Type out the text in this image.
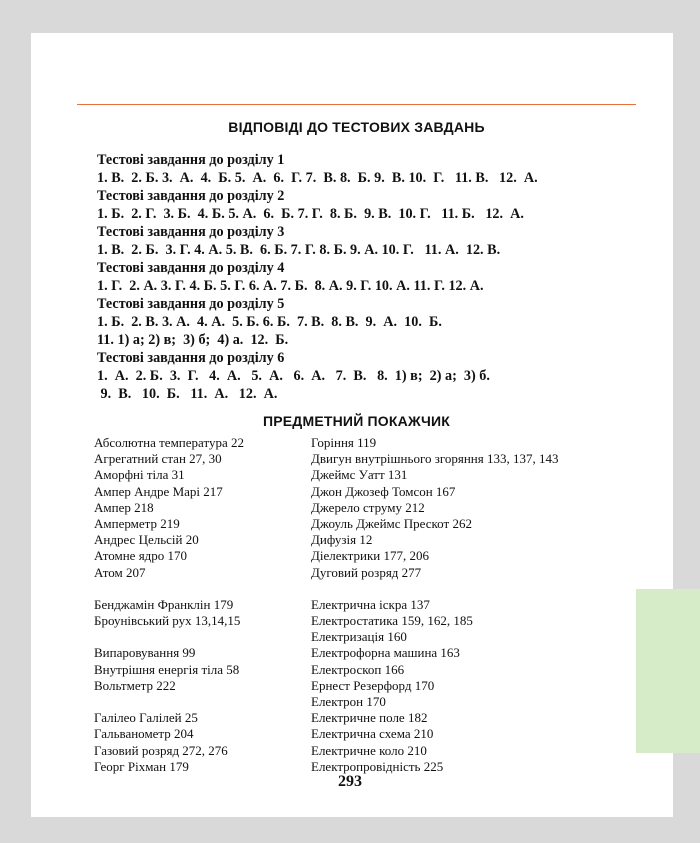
ВІДПОВІДІ ДО ТЕСТОВИХ ЗАВДАНЬ
Тестові завдання до розділу 1
1. В.  2. Б. 3.  А.  4.  Б. 5.  А.  6.  Г. 7.  В. 8.  Б. 9.  В. 10.  Г.   11. В.   12.  А.
Тестові завдання до розділу 2
1. Б.  2. Г.  3. Б.  4. Б. 5. А.  6.  Б. 7. Г.  8. Б.  9. В.  10. Г.   11. Б.   12.  А.
Тестові завдання до розділу 3
1. В.  2. Б.  3. Г. 4. А. 5. В.  6. Б. 7. Г. 8. Б. 9. А. 10. Г.   11. А.  12. В.
Тестові завдання до розділу 4
1. Г.  2. А. 3. Г. 4. Б. 5. Г. 6. А. 7. Б.  8. А. 9. Г. 10. А. 11. Г. 12. А.
Тестові завдання до розділу 5
1. Б.  2. В. 3. А.  4. А.  5. Б. 6. Б.  7. В.  8. В.  9.  А.  10.  Б.
11. 1) а; 2) в;  3) б;  4) а.  12.  Б.
Тестові завдання до розділу 6
1.  А.  2. Б.  3.  Г.   4.  А.   5.  А.   6.  А.   7.  В.   8.  1) в;  2) а;  3) б.
9.  В.   10.  Б.   11.  А.   12.  А.
ПРЕДМЕТНИЙ ПОКАЖЧИК
Абсолютна температура 22
Агрегатний стан 27, 30
Аморфні тіла 31
Ампер Андре Марі 217
Ампер 218
Амперметр 219
Андрес Цельсій 20
Атомне ядро 170
Атом 207
Бенджамін Франклін 179
Броунівський рух 13,14,15
Випаровування 99
Внутрішня енергія тіла 58
Вольтметр 222
Галілео Галілей 25
Гальванометр 204
Газовий розряд 272, 276
Георг Ріхман 179
Горіння 119
Двигун внутрішнього згоряння 133, 137, 143
Джеймс Уатт 131
Джон Джозеф Томсон 167
Джерело струму 212
Джоуль Джеймс Прескот 262
Дифузія 12
Діелектрики 177, 206
Дуговий розряд 277
Електрична іскра 137
Електростатика 159, 162, 185
Електризація 160
Електрофорна машина 163
Електроскоп 166
Ернест Резерфорд 170
Електрон 170
Електричне поле 182
Електрична схема 210
Електричне коло 210
Електропровідність 225
293
